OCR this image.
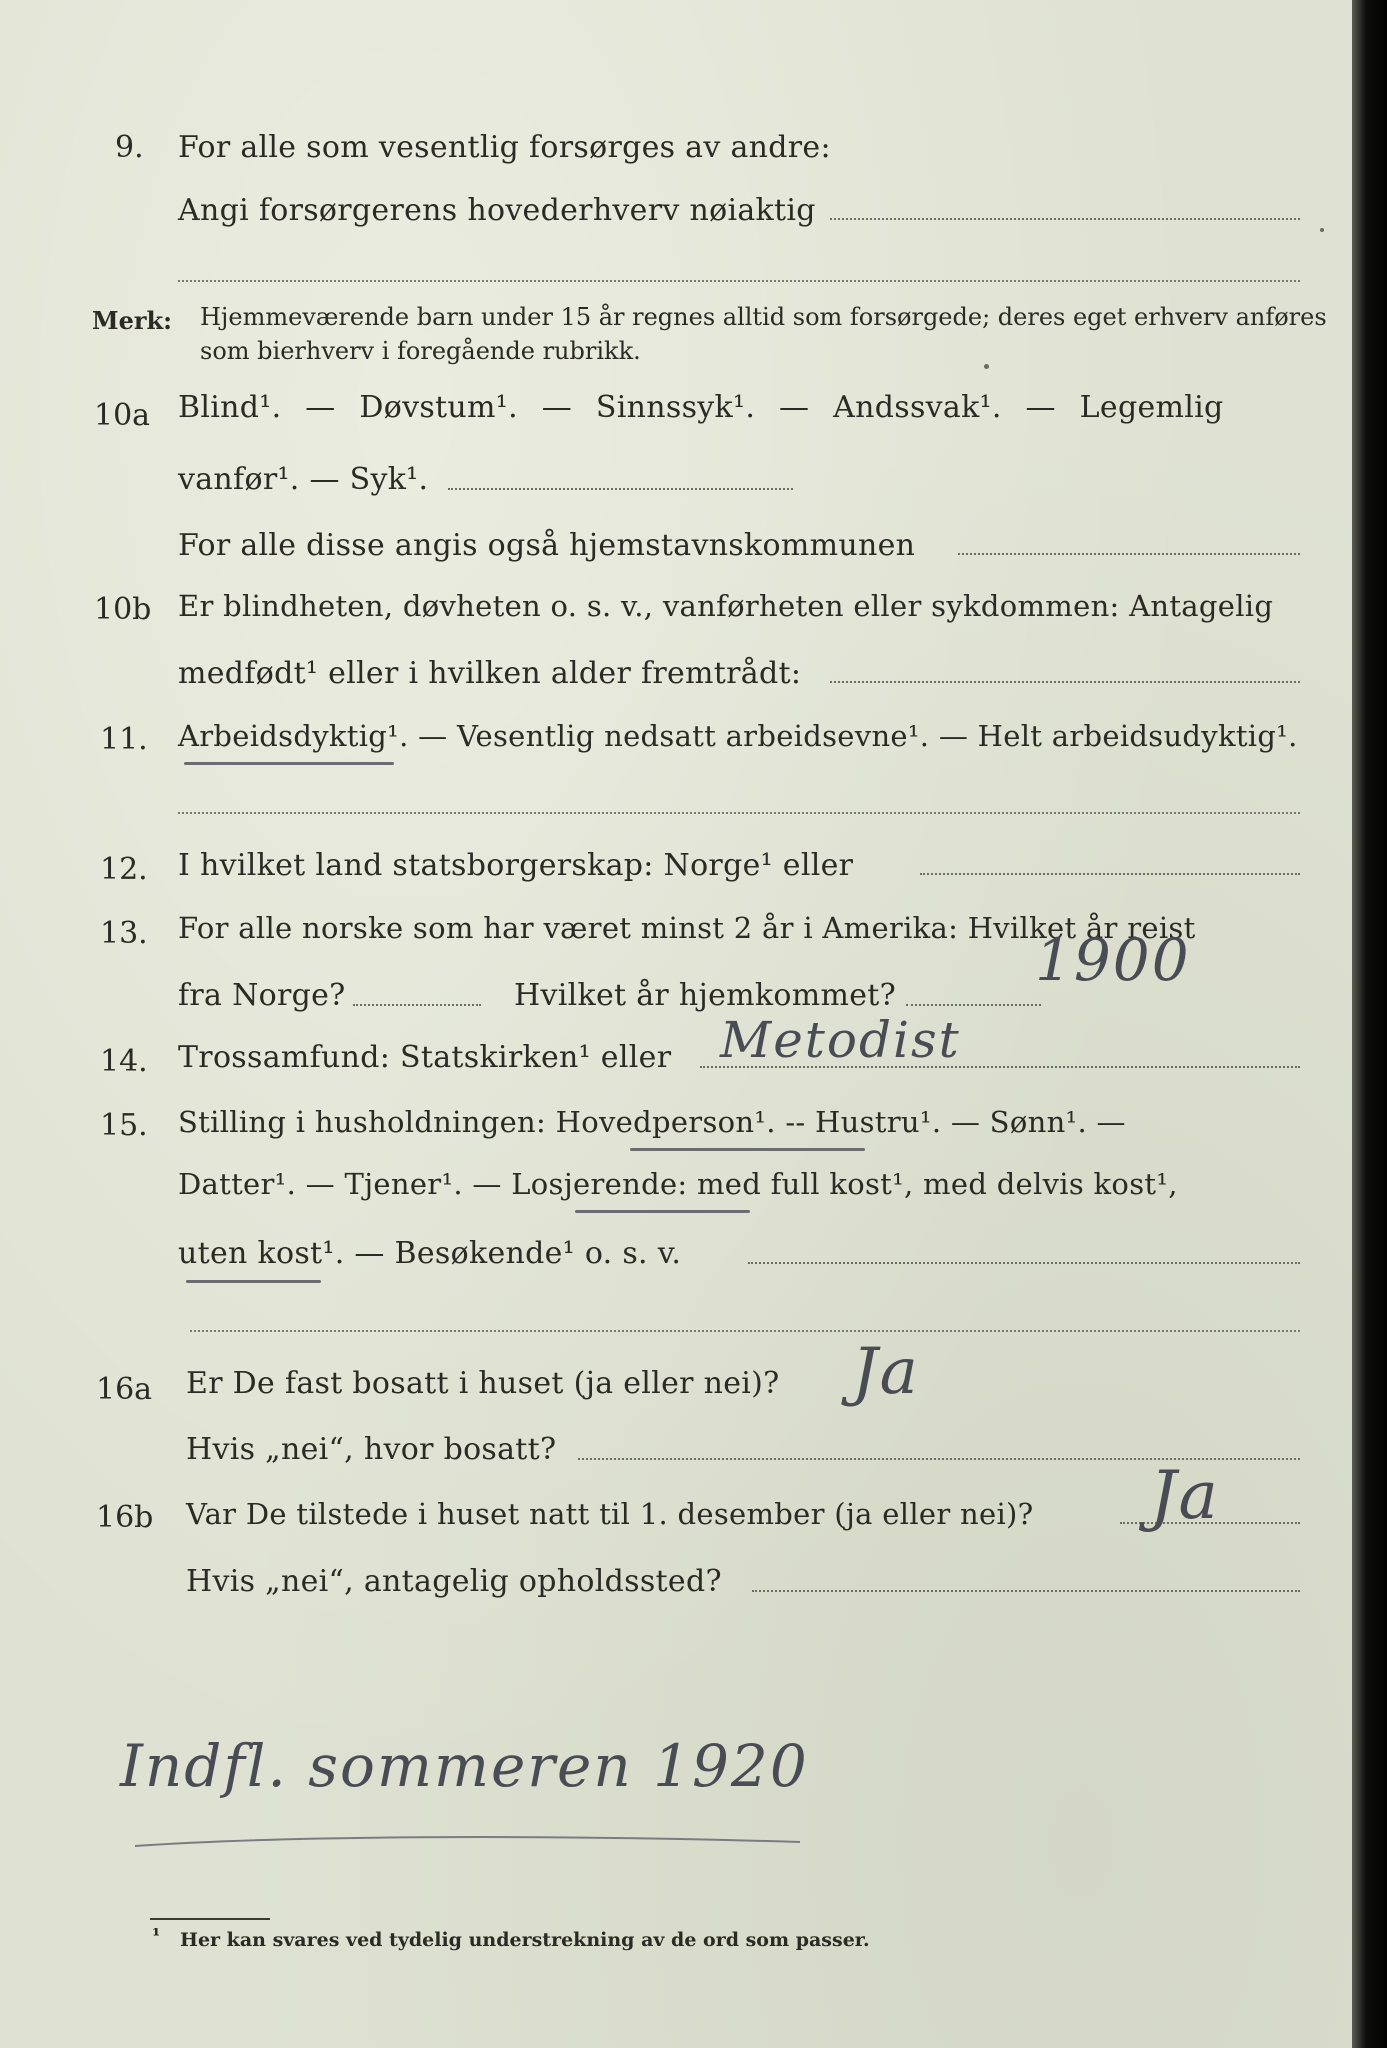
9. For alle som vesentlig forsørges av andre:
Angi forsørgerens hovederhverv nøiaktig
Merk: Hjemmeværende barn under 15 år regnes alltid som forsørgede; deres eget erhverv anføres som bierhverv i foregående rubrikk.
10a Blind¹. — Døvstum¹. — Sinnssyk¹. — Andssvak¹. — Legemlig
vanfør¹. — Syk¹.
For alle disse angis også hjemstavnskommunen
10b Er blindheten, døvheten o. s. v., vanførheten eller sykdommen: Antagelig
medfødt¹ eller i hvilken alder fremtrådt:
11. Arbeidsdyktig¹. — Vesentlig nedsatt arbeidsevne¹. — Helt arbeidsudyktig¹.
12. I hvilket land statsborgerskap: Norge¹ eller
13. For alle norske som har været minst 2 år i Amerika: Hvilket år reist
fra Norge?	Hvilket år hjemkommet?
1900
14. Trossamfund: Statskirken¹ eller Metodist
15. Stilling i husholdningen: Hovedperson¹. -- Hustru¹. — Sønn¹. —
Datter¹. — Tjener¹. — Losjerende: med full kost¹, med delvis kost¹,
uten kost¹. — Besøkende¹ o. s. v.
16a Er De fast bosatt i huset (ja eller nei)? Ja
Hvis „nei“, hvor bosatt?
16b Var De tilstede i huset natt til 1. desember (ja eller nei)? Ja
Hvis „nei“, antagelig opholdssted?
Indfl. sommeren 1920
¹ Her kan svares ved tydelig understrekning av de ord som passer.
